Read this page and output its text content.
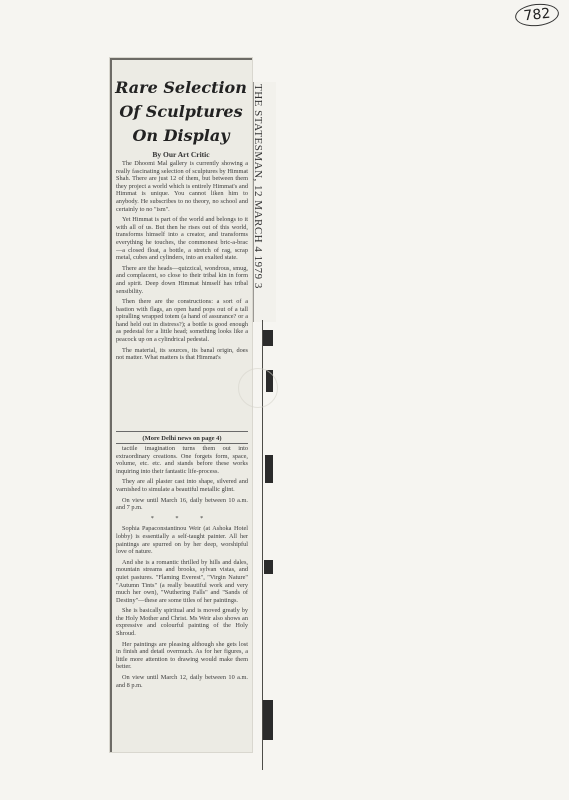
782
Rare Selection
Of Sculptures
On Display
By Our Art Critic

The Dhoomi Mal gallery is currently showing a really fascinating selection of sculptures by Himmat Shah. There are just 12 of them, but between them they project a world which is entirely Himmat's and Himmat is unique. You cannot liken him to anybody. He subscribes to no theory, no school and certainly to no "ism".

Yet Himmat is part of the world and belongs to it with all of us. But then he rises out of this world, transforms himself into a creator, and transforms everything he touches, the commonest bric-a-brac—a closed float, a bottle, a stretch of rag, scrap metal, cubes and cylinders, into an exalted state.

There are the heads—quizzical, wondrous, smug, and complacent, so close to their tribal kin in form and spirit. Deep down Himmat himself has tribal sensibility.

Then there are the constructions: a sort of a bastion with flags, an open hand pops out of a tall spiralling wrapped totem (a hand of assurance? or a hand held out in distress?); a bottle is good enough as pedestal for a little head; something looks like a peacock up on a cylindrical pedestal.

The material, its sources, its banal origin, does not matter. What matters is that Himmat's

(More Delhi news on page 4)

tactile imagination turns them out into extraordinary creations. One forgets form, space, volume, etc. etc. and stands before these works inquiring into their fantastic life-process.

They are all plaster cast into shape, silvered and varnished to simulate a beautiful metallic glint.

On view until March 16, daily between 10 a.m. and 7 p.m.

* * *

Sophia Papaconstantinou Weir (at Ashoka Hotel lobby) is essentially a self-taught painter. All her paintings are spurred on by her deep, worshipful love of nature.

And she is a romantic thrilled by hills and dales, mountain streams and brooks, sylvan vistas, and quiet pastures. "Flaming Everest", "Virgin Nature" "Autumn Tints" (a really beautiful work and very much her own), "Wuthering Falls" and "Sands of Destiny"—these are some titles of her paintings.

She is basically spiritual and is moved greatly by the Holy Mother and Christ. Ms Weir also shows an expressive and colourful painting of the Holy Shroud.

Her paintings are pleasing although she gets lost in finish and detail overmuch. As for her figures, a little more attention to drawing would make them better.

On view until March 12, daily between 10 a.m. and 8 p.m.

THE STATESMAN, 12 MARCH 4 1979 3
